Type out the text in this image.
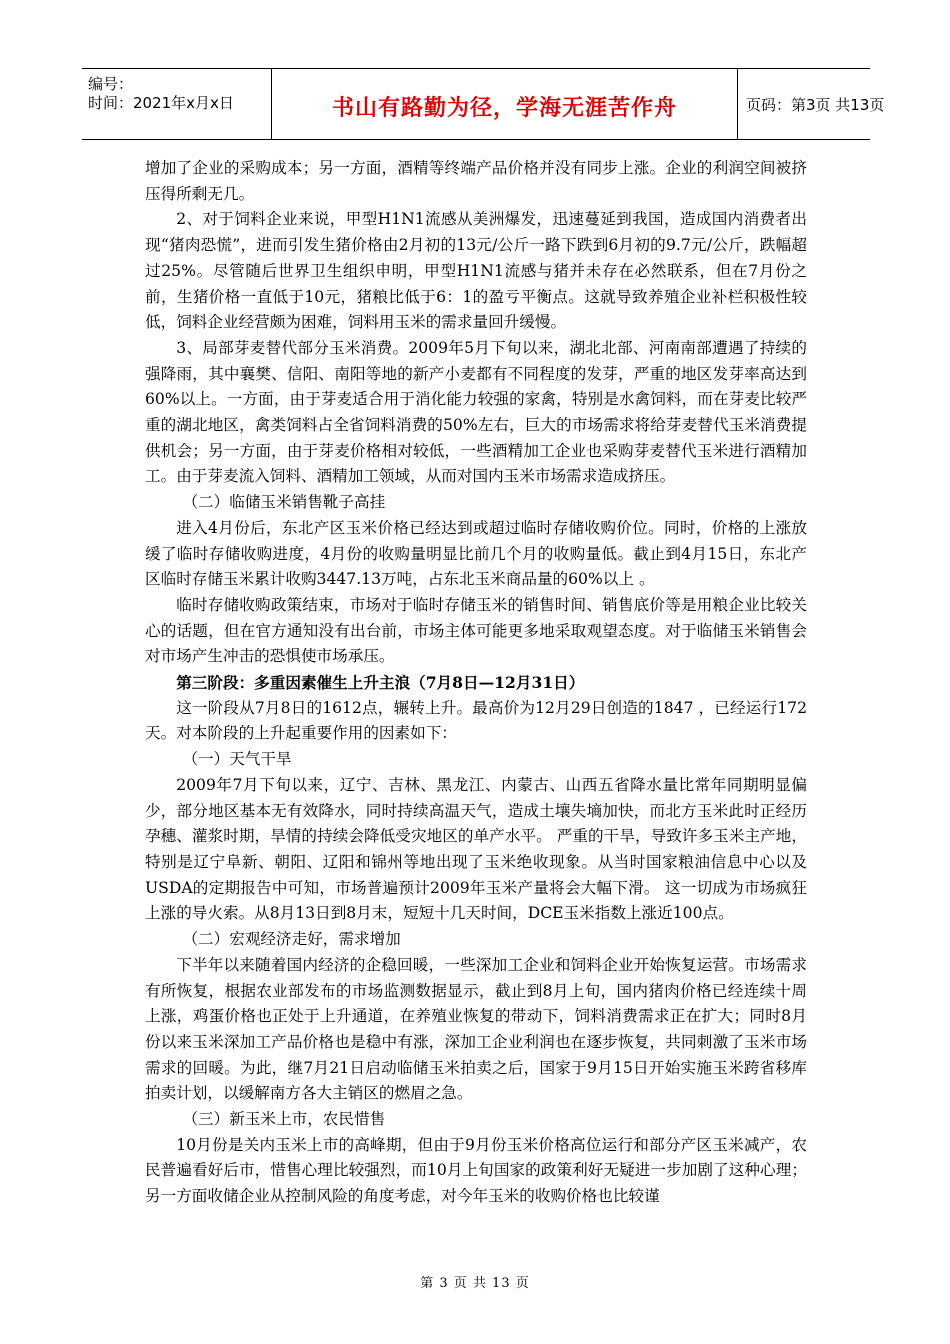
编号：
时间：2021年x月x日	书山有路勤为径，学海无涯苦作舟	页码：第3页 共13页

增加了企业的采购成本；另一方面，酒精等终端产品价格并没有同步上涨。企业的利润空间被挤压得所剩无几。

2、对于饲料企业来说，甲型H1N1流感从美洲爆发，迅速蔓延到我国，造成国内消费者出现“猪肉恐慌”，进而引发生猪价格由2月初的13元/公斤一路下跌到6月初的9.7元/公斤，跌幅超过25%。尽管随后世界卫生组织申明，甲型H1N1流感与猪并未存在必然联系，但在7月份之前，生猪价格一直低于10元，猪粮比低于6：1的盈亏平衡点。这就导致养殖企业补栏积极性较低，饲料企业经营颇为困难，饲料用玉米的需求量回升缓慢。

3、局部芽麦替代部分玉米消费。2009年5月下旬以来，湖北北部、河南南部遭遇了持续的强降雨，其中襄樊、信阳、南阳等地的新产小麦都有不同程度的发芽，严重的地区发芽率高达到60%以上。一方面，由于芽麦适合用于消化能力较强的家禽，特别是水禽饲料，而在芽麦比较严重的湖北地区，禽类饲料占全省饲料消费的50%左右，巨大的市场需求将给芽麦替代玉米消费提供机会；另一方面，由于芽麦价格相对较低，一些酒精加工企业也采购芽麦替代玉米进行酒精加工。由于芽麦流入饲料、酒精加工领域，从而对国内玉米市场需求造成挤压。

（二）临储玉米销售靴子高挂

进入4月份后，东北产区玉米价格已经达到或超过临时存储收购价位。同时，价格的上涨放缓了临时存储收购进度，4月份的收购量明显比前几个月的收购量低。截止到4月15日，东北产区临时存储玉米累计收购3447.13万吨，占东北玉米商品量的60%以上 。

临时存储收购政策结束，市场对于临时存储玉米的销售时间、销售底价等是用粮企业比较关心的话题，但在官方通知没有出台前，市场主体可能更多地采取观望态度。对于临储玉米销售会对市场产生冲击的恐惧使市场承压。

第三阶段：多重因素催生上升主浪（7月8日—12月31日）

这一阶段从7月8日的1612点，辗转上升。最高价为12月29日创造的1847 ，已经运行172天。对本阶段的上升起重要作用的因素如下：

（一）天气干旱

2009年7月下旬以来，辽宁、吉林、黑龙江、内蒙古、山西五省降水量比常年同期明显偏少，部分地区基本无有效降水，同时持续高温天气，造成土壤失墒加快，而北方玉米此时正经历孕穗、灌浆时期，旱情的持续会降低受灾地区的单产水平。 严重的干旱，导致许多玉米主产地，特别是辽宁阜新、朝阳、辽阳和锦州等地出现了玉米绝收现象。从当时国家粮油信息中心以及USDA的定期报告中可知，市场普遍预计2009年玉米产量将会大幅下滑。 这一切成为市场疯狂上涨的导火索。从8月13日到8月末，短短十几天时间，DCE玉米指数上涨近100点。

（二）宏观经济走好，需求增加

下半年以来随着国内经济的企稳回暖，一些深加工企业和饲料企业开始恢复运营。市场需求有所恢复，根据农业部发布的市场监测数据显示，截止到8月上旬，国内猪肉价格已经连续十周上涨，鸡蛋价格也正处于上升通道，在养殖业恢复的带动下，饲料消费需求正在扩大；同时8月份以来玉米深加工产品价格也是稳中有涨，深加工企业利润也在逐步恢复，共同刺激了玉米市场需求的回暖。为此，继7月21日启动临储玉米拍卖之后，国家于9月15日开始实施玉米跨省移库拍卖计划，以缓解南方各大主销区的燃眉之急。

（三）新玉米上市，农民惜售

10月份是关内玉米上市的高峰期，但由于9月份玉米价格高位运行和部分产区玉米减产，农民普遍看好后市，惜售心理比较强烈，而10月上旬国家的政策利好无疑进一步加剧了这种心理；另一方面收储企业从控制风险的角度考虑，对今年玉米的收购价格也比较谨

第 3 页 共 13 页
